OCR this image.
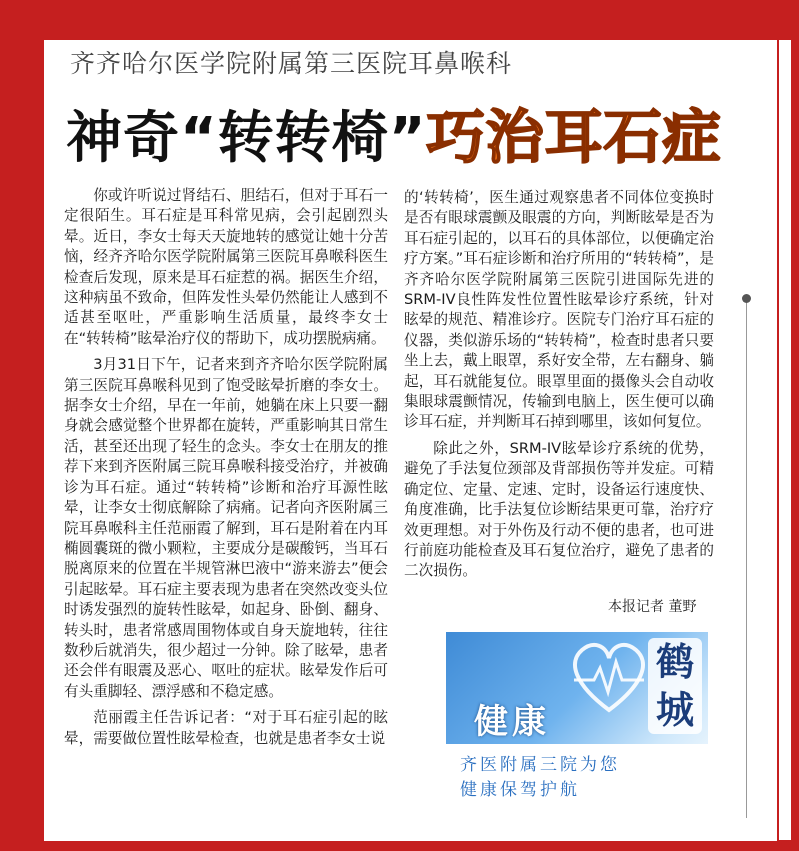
齐齐哈尔医学院附属第三医院耳鼻喉科
神奇“转转椅”巧治耳石症

你或许听说过肾结石、胆结石，但对于耳石一定很陌生。耳石症是耳科常见病，会引起剧烈头晕。近日，李女士每天天旋地转的感觉让她十分苦恼，经齐齐哈尔医学院附属第三医院耳鼻喉科医生检查后发现，原来是耳石症惹的祸。据医生介绍，这种病虽不致命，但阵发性头晕仍然能让人感到不适甚至呕吐，严重影响生活质量，最终李女士在“转转椅”眩晕治疗仪的帮助下，成功摆脱病痛。

3月31日下午，记者来到齐齐哈尔医学院附属第三医院耳鼻喉科见到了饱受眩晕折磨的李女士。据李女士介绍，早在一年前，她躺在床上只要一翻身就会感觉整个世界都在旋转，严重影响其日常生活，甚至还出现了轻生的念头。李女士在朋友的推荐下来到齐医附属三院耳鼻喉科接受治疗，并被确诊为耳石症。通过“转转椅”诊断和治疗耳源性眩晕，让李女士彻底解除了病痛。记者向齐医附属三院耳鼻喉科主任范丽霞了解到，耳石是附着在内耳椭圆囊斑的微小颗粒，主要成分是碳酸钙，当耳石脱离原来的位置在半规管淋巴液中“游来游去”便会引起眩晕。耳石症主要表现为患者在突然改变头位时诱发强烈的旋转性眩晕，如起身、卧倒、翻身、转头时，患者常感周围物体或自身天旋地转，往往数秒后就消失，很少超过一分钟。除了眩晕，患者还会伴有眼震及恶心、呕吐的症状。眩晕发作后可有头重脚轻、漂浮感和不稳定感。

范丽霞主任告诉记者：“对于耳石症引起的眩晕，需要做位置性眩晕检查，也就是患者李女士说

的‘转转椅’，医生通过观察患者不同体位变换时是否有眼球震颤及眼震的方向，判断眩晕是否为耳石症引起的，以耳石的具体部位，以便确定治疗方案。”耳石症诊断和治疗所用的“转转椅”，是齐齐哈尔医学院附属第三医院引进国际先进的SRM-IV良性阵发性位置性眩晕诊疗系统，针对眩晕的规范、精准诊疗。医院专门治疗耳石症的仪器，类似游乐场的“转转椅”，检查时患者只要坐上去，戴上眼罩，系好安全带，左右翻身、躺起，耳石就能复位。眼罩里面的摄像头会自动收集眼球震颤情况，传输到电脑上，医生便可以确诊耳石症，并判断耳石掉到哪里，该如何复位。

除此之外，SRM-IV眩晕诊疗系统的优势，避免了手法复位颈部及背部损伤等并发症。可精确定位、定量、定速、定时，设备运行速度快、角度准确，比手法复位诊断结果更可靠，治疗疗效更理想。对于外伤及行动不便的患者，也可进行前庭功能检查及耳石复位治疗，避免了患者的二次损伤。

本报记者 董野
健康
鹤城
齐医附属三院为您
健康保驾护航
